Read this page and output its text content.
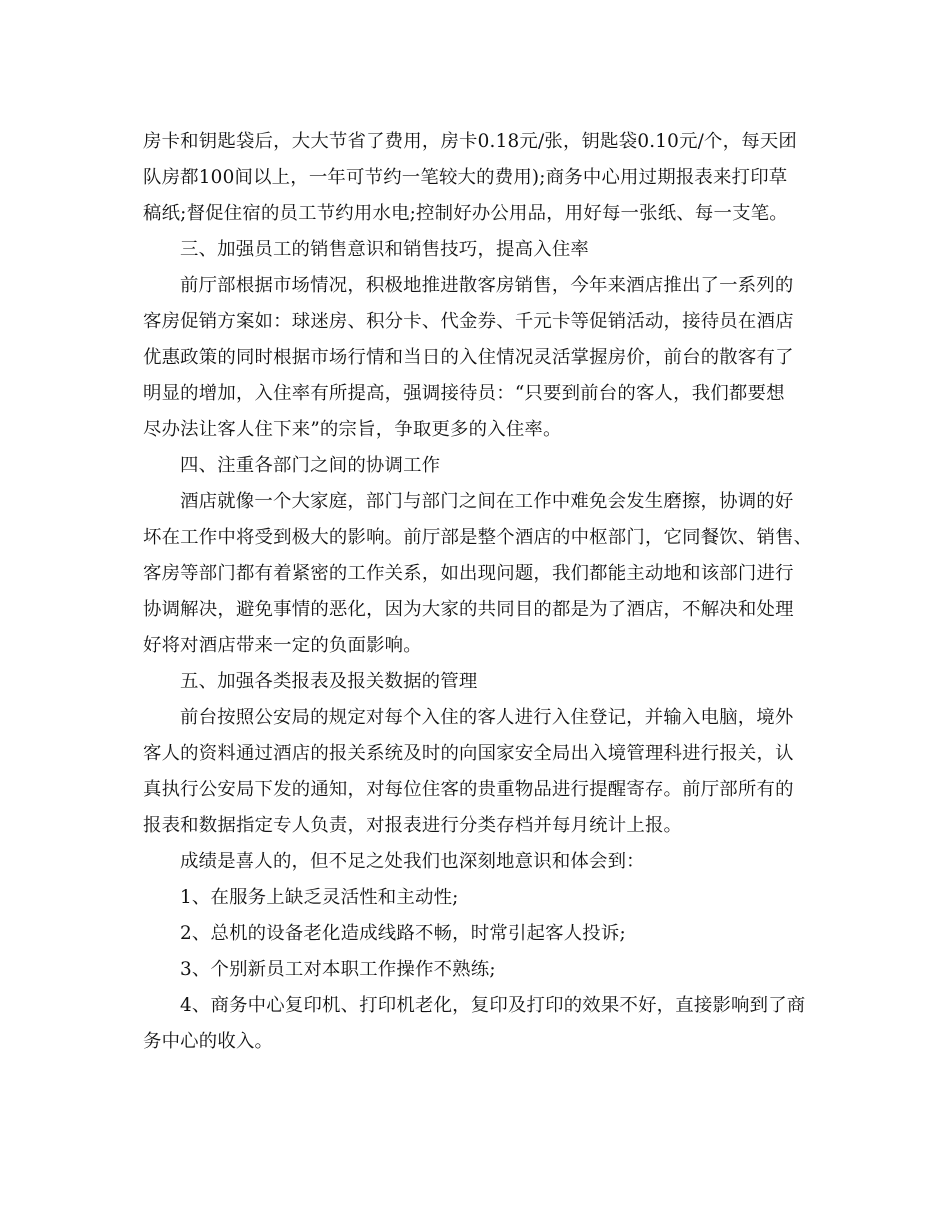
房卡和钥匙袋后，大大节省了费用，房卡0.18元/张，钥匙袋0.10元/个，每天团
队房都100间以上，一年可节约一笔较大的费用);商务中心用过期报表来打印草
稿纸;督促住宿的员工节约用水电;控制好办公用品，用好每一张纸、每一支笔。
三、加强员工的销售意识和销售技巧，提高入住率
前厅部根据市场情况，积极地推进散客房销售，今年来酒店推出了一系列的
客房促销方案如：球迷房、积分卡、代金券、千元卡等促销活动，接待员在酒店
优惠政策的同时根据市场行情和当日的入住情况灵活掌握房价，前台的散客有了
明显的增加，入住率有所提高，强调接待员：“只要到前台的客人，我们都要想
尽办法让客人住下来”的宗旨，争取更多的入住率。
四、注重各部门之间的协调工作
酒店就像一个大家庭，部门与部门之间在工作中难免会发生磨擦，协调的好
坏在工作中将受到极大的影响。前厅部是整个酒店的中枢部门，它同餐饮、销售、
客房等部门都有着紧密的工作关系，如出现问题，我们都能主动地和该部门进行
协调解决，避免事情的恶化，因为大家的共同目的都是为了酒店，不解决和处理
好将对酒店带来一定的负面影响。
五、加强各类报表及报关数据的管理
前台按照公安局的规定对每个入住的客人进行入住登记，并输入电脑，境外
客人的资料通过酒店的报关系统及时的向国家安全局出入境管理科进行报关，认
真执行公安局下发的通知，对每位住客的贵重物品进行提醒寄存。前厅部所有的
报表和数据指定专人负责，对报表进行分类存档并每月统计上报。
成绩是喜人的，但不足之处我们也深刻地意识和体会到：
1、在服务上缺乏灵活性和主动性;
2、总机的设备老化造成线路不畅，时常引起客人投诉;
3、个别新员工对本职工作操作不熟练;
4、商务中心复印机、打印机老化，复印及打印的效果不好，直接影响到了商
务中心的收入。
